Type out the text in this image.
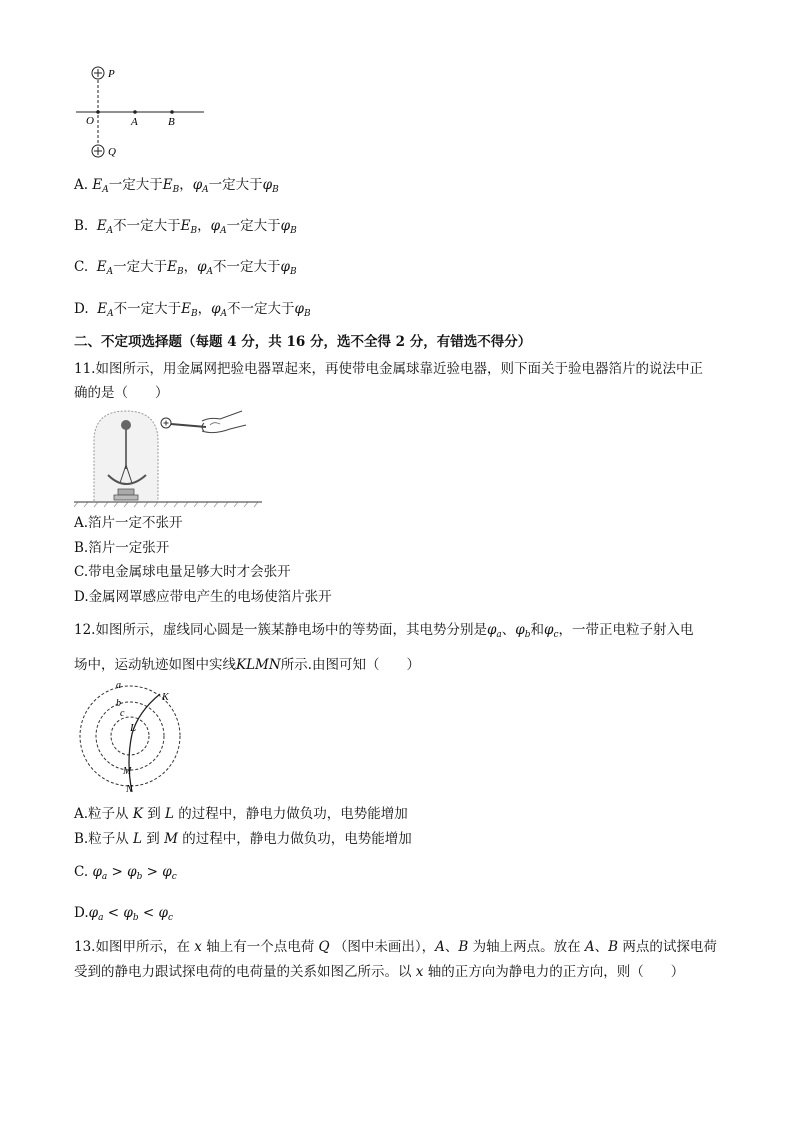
P
O	A	B
Q
A. $E_A$一定大于$E_B$，$\varphi_A$一定大于$\varphi_B$
B. $E_A$不一定大于$E_B$，$\varphi_A$一定大于$\varphi_B$
C. $E_A$一定大于$E_B$，$\varphi_A$不一定大于$\varphi_B$
D. $E_A$不一定大于$E_B$，$\varphi_A$不一定大于$\varphi_B$
二、不定项选择题（每题 4 分，共 16 分，选不全得 2 分，有错选不得分）
11.如图所示，用金属网把验电器罩起来，再使带电金属球靠近验电器，则下面关于验电器箔片的说法中正
确的是（　　）
A.箔片一定不张开
B.箔片一定张开
C.带电金属球电量足够大时才会张开
D.金属网罩感应带电产生的电场使箔片张开
12.如图所示，虚线同心圆是一簇某静电场中的等势面，其电势分别是$\varphi_a$、$\varphi_b$和$\varphi_c$，一带正电粒子射入电
场中，运动轨迹如图中实线KLMN所示.由图可知（　　）
a
b
c
K
L
M
N
A.粒子从 K 到 L 的过程中，静电力做负功，电势能增加
B.粒子从 L 到 M 的过程中，静电力做负功，电势能增加
C. $\varphi_a > \varphi_b > \varphi_c$
$D.\varphi_a < \varphi_b < \varphi_c$
13.如图甲所示，在 x 轴上有一个点电荷 Q （图中未画出），A、B 为轴上两点。放在 A、B 两点的试探电荷
受到的静电力跟试探电荷的电荷量的关系如图乙所示。以 x 轴的正方向为静电力的正方向，则（　　）
